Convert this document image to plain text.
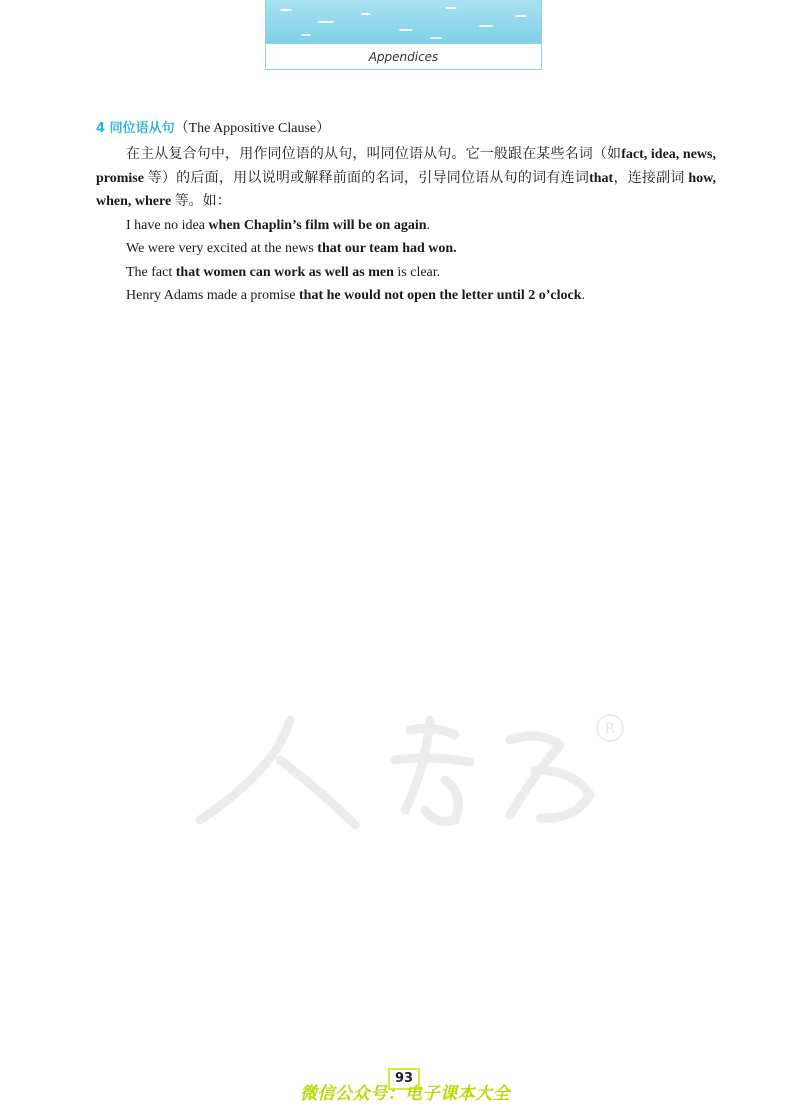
Appendices

4 同位语从句（The Appositive Clause）

在主从复合句中，用作同位语的从句，叫同位语从句。它一般跟在某些名词（如fact, idea, news, promise 等）的后面，用以说明或解释前面的名词，引导同位语从句的词有连词that，连接副词 how, when, where 等。如：

I have no idea when Chaplin’s film will be on again.

We were very excited at the news that our team had won.

The fact that women can work as well as men is clear.

Henry Adams made a promise that he would not open the letter until 2 o’clock.

R
93
微信公众号：电子课本大全
